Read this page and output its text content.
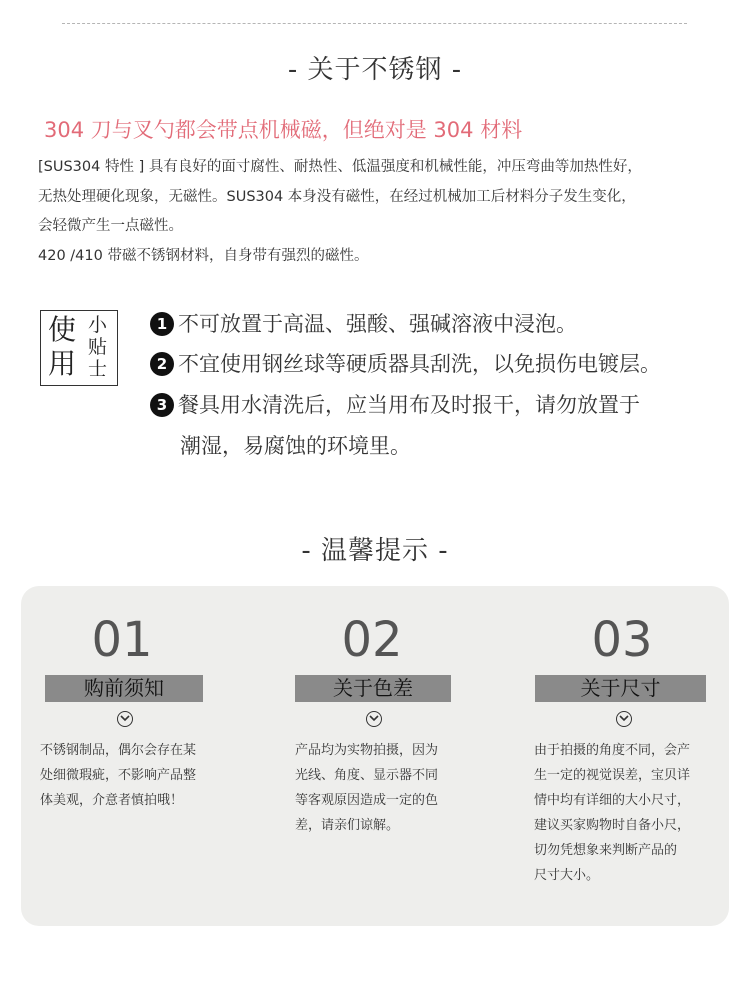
- 关于不锈钢 -
304 刀与叉勺都会带点机械磁，但绝对是 304 材料
[SUS304 特性 ] 具有良好的面寸腐性、耐热性、低温强度和机械性能，冲压弯曲等加热性好，
无热处理硬化现象，无磁性。SUS304 本身没有磁性，在经过机械加工后材料分子发生变化，
会轻微产生一点磁性。
420 /410 带磁不锈钢材料，自身带有强烈的磁性。
使用
小贴士
1 不可放置于高温、强酸、强碱溶液中浸泡。
2 不宜使用钢丝球等硬质器具刮洗，以免损伤电镀层。
3 餐具用水清洗后，应当用布及时报干，请勿放置于
潮湿，易腐蚀的环境里。
- 温馨提示 -
01
购前须知
不锈钢制品，偶尔会存在某
处细微瑕疵，不影响产品整
体美观，介意者慎拍哦！
02
关于色差
产品均为实物拍摄，因为
光线、角度、显示器不同
等客观原因造成一定的色
差，请亲们谅解。
03
关于尺寸
由于拍摄的角度不同，会产
生一定的视觉误差，宝贝详
情中均有详细的大小尺寸，
建议买家购物时自备小尺，
切勿凭想象来判断产品的
尺寸大小。
